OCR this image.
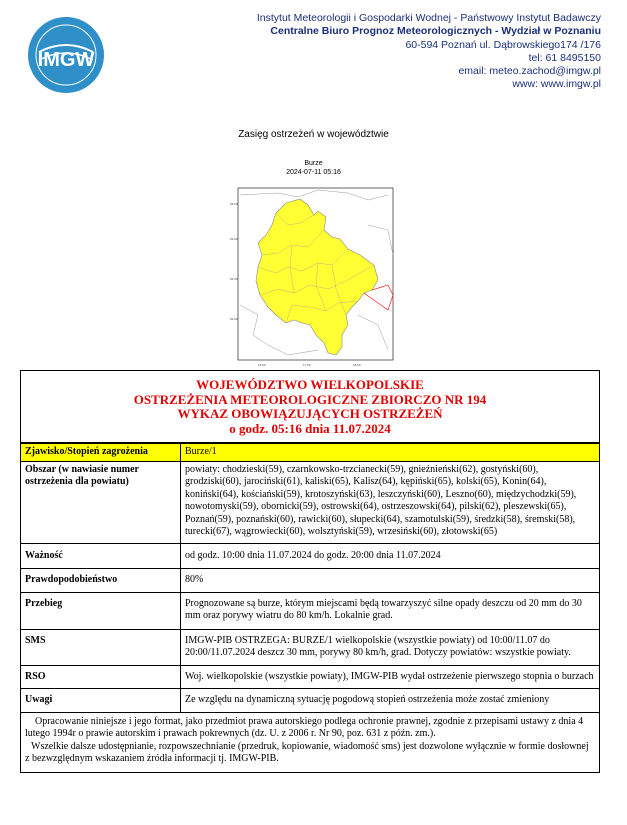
IMGW
Instytut Meteorologii i Gospodarki Wodnej - Państwowy Instytut Badawczy
Centralne Biuro Prognoz Meteorologicznych - Wydział w Poznaniu
60-594 Poznań ul. Dąbrowskiego174 /176
tel: 61 8495150
email: meteo.zachod@imgw.pl
www: www.imgw.pl
Zasięg ostrzeżeń w województwie
Burze
2024-07-11 05:16
53.50
53.00
52.50
52.00
16.00	17.00	18.00
WOJEWÓDZTWO WIELKOPOLSKIE
OSTRZEŻENIA METEOROLOGICZNE ZBIORCZO NR 194
WYKAZ OBOWIĄZUJĄCYCH OSTRZEŻEŃ
o godz. 05:16 dnia 11.07.2024
Zjawisko/Stopień zagrożenia	Burze/1
Obszar (w nawiasie numer ostrzeżenia dla powiatu)	powiaty: chodzieski(59), czarnkowsko-trzcianecki(59), gnieźnieński(62), gostyński(60), grodziski(60), jarociński(61), kaliski(65), Kalisz(64), kępiński(65), kolski(65), Konin(64), koniński(64), kościański(59), krotoszyński(63), leszczyński(60), Leszno(60), międzychodzki(59), nowotomyski(59), obornicki(59), ostrowski(64), ostrzeszowski(64), pilski(62), pleszewski(65), Poznań(59), poznański(60), rawicki(60), słupecki(64), szamotulski(59), średzki(58), śremski(58), turecki(67), wągrowiecki(60), wolsztyński(59), wrzesiński(60), złotowski(65)
Ważność	od godz. 10:00 dnia 11.07.2024 do godz. 20:00 dnia 11.07.2024
Prawdopodobieństwo	80%
Przebieg	Prognozowane są burze, którym miejscami będą towarzyszyć silne opady deszczu od 20 mm do 30 mm oraz porywy wiatru do 80 km/h. Lokalnie grad.
SMS	IMGW-PIB OSTRZEGA: BURZE/1 wielkopolskie (wszystkie powiaty) od 10:00/11.07 do 20:00/11.07.2024 deszcz 30 mm, porywy 80 km/h, grad. Dotyczy powiatów: wszystkie powiaty.
RSO	Woj. wielkopolskie (wszystkie powiaty), IMGW-PIB wydał ostrzeżenie pierwszego stopnia o burzach
Uwagi	Ze względu na dynamiczną sytuację pogodową stopień ostrzeżenia może zostać zmieniony
Opracowanie niniejsze i jego format, jako przedmiot prawa autorskiego podlega ochronie prawnej, zgodnie z przepisami ustawy z dnia 4 lutego 1994r o prawie autorskim i prawach pokrewnych (dz. U. z 2006 r. Nr 90, poz. 631 z późn. zm.).
Wszelkie dalsze udostępnianie, rozpowszechnianie (przedruk, kopiowanie, wiadomość sms) jest dozwolone wyłącznie w formie dosłownej z bezwzględnym wskazaniem źródła informacji tj. IMGW-PIB.
